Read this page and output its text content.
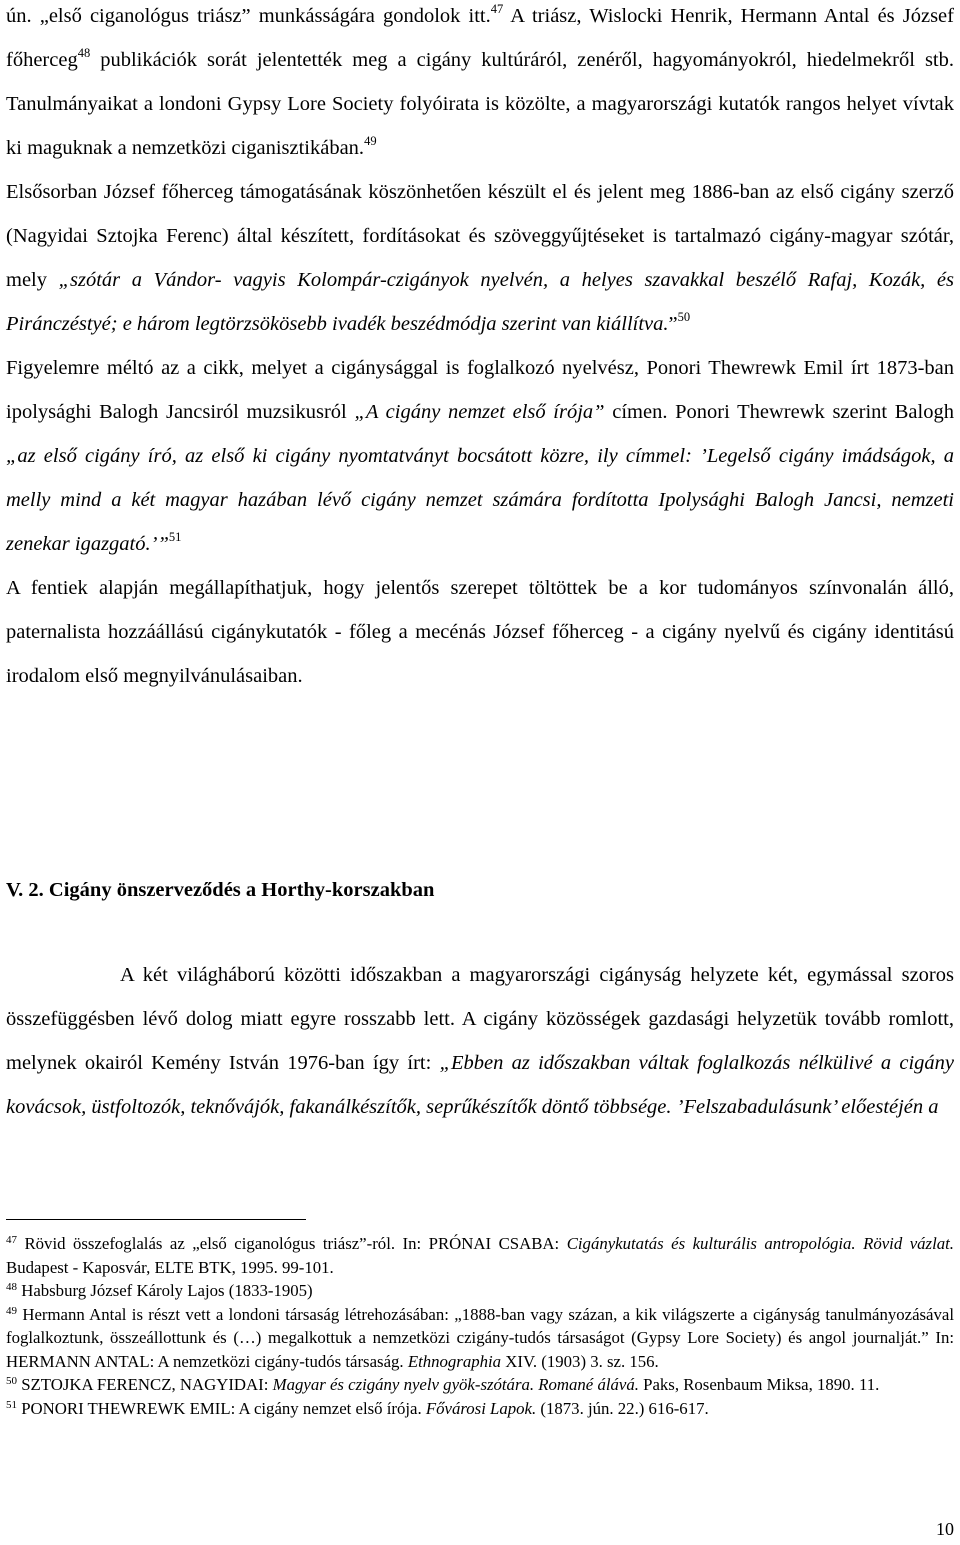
ún. „első ciganológus triász” munkásságára gondolok itt.$^{47}$ A triász, Wislocki Henrik, Hermann Antal és József főherceg$^{48}$ publikációk sorát jelentették meg a cigány kultúráról, zenéről, hagyományokról, hiedelmekről stb. Tanulmányaikat a londoni Gypsy Lore Society folyóirata is közölte, a magyarországi kutatók rangos helyet vívtak ki maguknak a nemzetközi ciganisztikában.$^{49}$

Elsősorban József főherceg támogatásának köszönhetően készült el és jelent meg 1886-ban az első cigány szerző (Nagyidai Sztojka Ferenc) által készített, fordításokat és szöveggyűjtéseket is tartalmazó cigány-magyar szótár, mely „szótár a Vándor- vagyis Kolompár-czigányok nyelvén, a helyes szavakkal beszélő Rafaj, Kozák, és Piránczéstyé; e három legtörzsökösebb ivadék beszédmódja szerint van kiállítva.”$^{50}$

Figyelemre méltó az a cikk, melyet a cigánysággal is foglalkozó nyelvész, Ponori Thewrewk Emil írt 1873-ban ipolysághi Balogh Jancsiról muzsikusról „A cigány nemzet első írója” címen. Ponori Thewrewk szerint Balogh „az első cigány író, az első ki cigány nyomtatványt bocsátott közre, ily címmel: ’Legelső cigány imádságok, a melly mind a két magyar hazában lévő cigány nemzet számára fordította Ipolysághi Balogh Jancsi, nemzeti zenekar igazgató.’”$^{51}$

A fentiek alapján megállapíthatjuk, hogy jelentős szerepet töltöttek be a kor tudományos színvonalán álló, paternalista hozzáállású cigánykutatók - főleg a mecénás József főherceg - a cigány nyelvű és cigány identitású irodalom első megnyilvánulásaiban.

V. 2. Cigány önszerveződés a Horthy-korszakban

A két világháború közötti időszakban a magyarországi cigányság helyzete két, egymással szoros összefüggésben lévő dolog miatt egyre rosszabb lett. A cigány közösségek gazdasági helyzetük tovább romlott, melynek okairól Kemény István 1976-ban így írt: „Ebben az időszakban váltak foglalkozás nélkülivé a cigány kovácsok, üstfoltozók, teknővájók, fakanálkészítők, seprűkészítők döntő többsége. ’Felszabadulásunk’ előestéjén a

$^{47}$ Rövid összefoglalás az „első ciganológus triász”-ról. In: PRÓNAI CSABA: Cigánykutatás és kulturális antropológia. Rövid vázlat. Budapest - Kaposvár, ELTE BTK, 1995. 99-101.

$^{48}$ Habsburg József Károly Lajos (1833-1905)

$^{49}$ Hermann Antal is részt vett a londoni társaság létrehozásában: „1888-ban vagy százan, a kik világszerte a cigányság tanulmányozásával foglalkoztunk, összeállottunk és (…) megalkottuk a nemzetközi czigány-tudós társaságot (Gypsy Lore Society) és angol journalját.” In: HERMANN ANTAL: A nemzetközi cigány-tudós társaság. Ethnographia XIV. (1903) 3. sz. 156.

$^{50}$ SZTOJKA FERENCZ, NAGYIDAI: Magyar és czigány nyelv gyök-szótára. Romané álává. Paks, Rosenbaum Miksa, 1890. 11.

$^{51}$ PONORI THEWREWK EMIL: A cigány nemzet első írója. Fővárosi Lapok. (1873. jún. 22.) 616-617.

10
